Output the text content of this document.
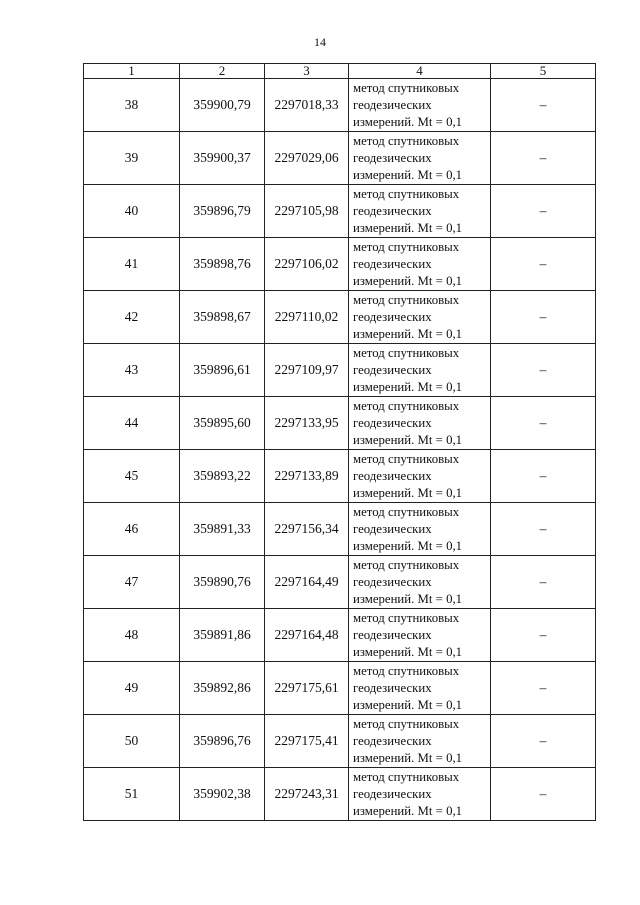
14
1	2	3	4	5
38	359900,79	2297018,33	метод спутниковых
геодезических
измерений. Mt = 0,1	–
39	359900,37	2297029,06	метод спутниковых
геодезических
измерений. Mt = 0,1	–
40	359896,79	2297105,98	метод спутниковых
геодезических
измерений. Mt = 0,1	–
41	359898,76	2297106,02	метод спутниковых
геодезических
измерений. Mt = 0,1	–
42	359898,67	2297110,02	метод спутниковых
геодезических
измерений. Mt = 0,1	–
43	359896,61	2297109,97	метод спутниковых
геодезических
измерений. Mt = 0,1	–
44	359895,60	2297133,95	метод спутниковых
геодезических
измерений. Mt = 0,1	–
45	359893,22	2297133,89	метод спутниковых
геодезических
измерений. Mt = 0,1	–
46	359891,33	2297156,34	метод спутниковых
геодезических
измерений. Mt = 0,1	–
47	359890,76	2297164,49	метод спутниковых
геодезических
измерений. Mt = 0,1	–
48	359891,86	2297164,48	метод спутниковых
геодезических
измерений. Mt = 0,1	–
49	359892,86	2297175,61	метод спутниковых
геодезических
измерений. Mt = 0,1	–
50	359896,76	2297175,41	метод спутниковых
геодезических
измерений. Mt = 0,1	–
51	359902,38	2297243,31	метод спутниковых
геодезических
измерений. Mt = 0,1	–
